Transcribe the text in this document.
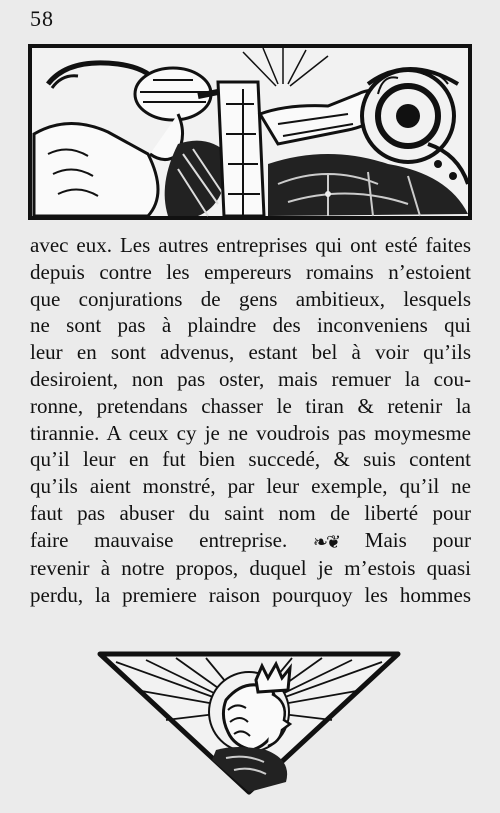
58
avec eux. Les autres entreprises qui ont esté faites
depuis contre les empereurs romains n’estoient
que conjurations de gens ambitieux, lesquels
ne sont pas à plaindre des inconveniens qui
leur en sont advenus, estant bel à voir qu’ils
desiroient, non pas oster, mais remuer la cou-
ronne, pretendans chasser le tiran & retenir la
tirannie. A ceux cy je ne voudrois pas moymesme
qu’il leur en fut bien succedé, & suis content
qu’ils aient monstré, par leur exemple, qu’il ne
faut pas abuser du saint nom de liberté pour
faire mauvaise entreprise. ❧❦ Mais pour
revenir à notre propos, duquel je m’estois quasi
perdu, la premiere raison pourquoy les hommes
